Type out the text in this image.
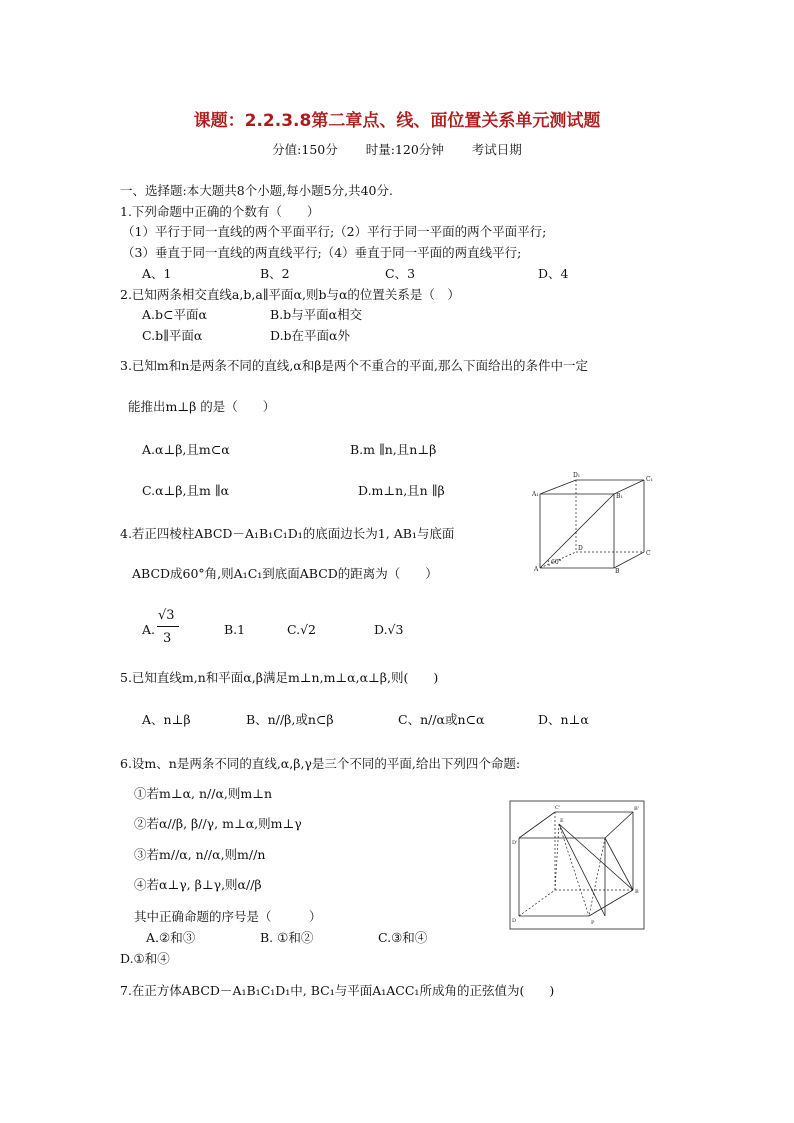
课题：2.2.3.8第二章点、线、面位置关系单元测试题
分值:150分 时量:120分钟 考试日期
一、选择题:本大题共8个小题,每小题5分,共40分.
1.下列命题中正确的个数有（　　）
（1）平行于同一直线的两个平面平行;（2）平行于同一平面的两个平面平行;
（3）垂直于同一直线的两直线平行;（4）垂直于同一平面的两直线平行;
A、1	B、2	C、3	D、4
2.已知两条相交直线a,b,a∥平面α,则b与α的位置关系是（　）
A.b⊂平面α	B.b与平面α相交
C.b∥平面α	D.b在平面α外
3.已知m和n是两条不同的直线,α和β是两个不重合的平面,那么下面给出的条件中一定
能推出m⊥β 的是（　　）
A.α⊥β,且m⊂α	B.m ∥n,且n⊥β
C.α⊥β,且m ∥α	D.m⊥n,且n ∥β
D₁
C₁
A₁	B₁
D
C
A	B
60°
4.若正四棱柱ABCD－A₁B₁C₁D₁的底面边长为1, AB₁与底面
ABCD成60°角,则A₁C₁到底面ABCD的距离为（　　）
A.
√3
3
B.1	C.√2	D.√3
5.已知直线m,n和平面α,β满足m⊥n,m⊥α,α⊥β,则(　　)
A、n⊥β	B、n//β,或n⊂β	C、n//α或n⊂α	D、n⊥α
6.设m、n是两条不同的直线,α,β,γ是三个不同的平面,给出下列四个命题:
①若m⊥α, n//α,则m⊥n
②若α//β, β//γ, m⊥α,则m⊥γ
③若m//α, n//α,则m//n
④若α⊥γ, β⊥γ,则α//β
其中正确命题的序号是（　　　）
A.②和③	B. ①和②	C.③和④
D.①和④
C'	B'
D'
E
D
B
P
7.在正方体ABCD－A₁B₁C₁D₁中, BC₁与平面A₁ACC₁所成角的正弦值为(　　)
